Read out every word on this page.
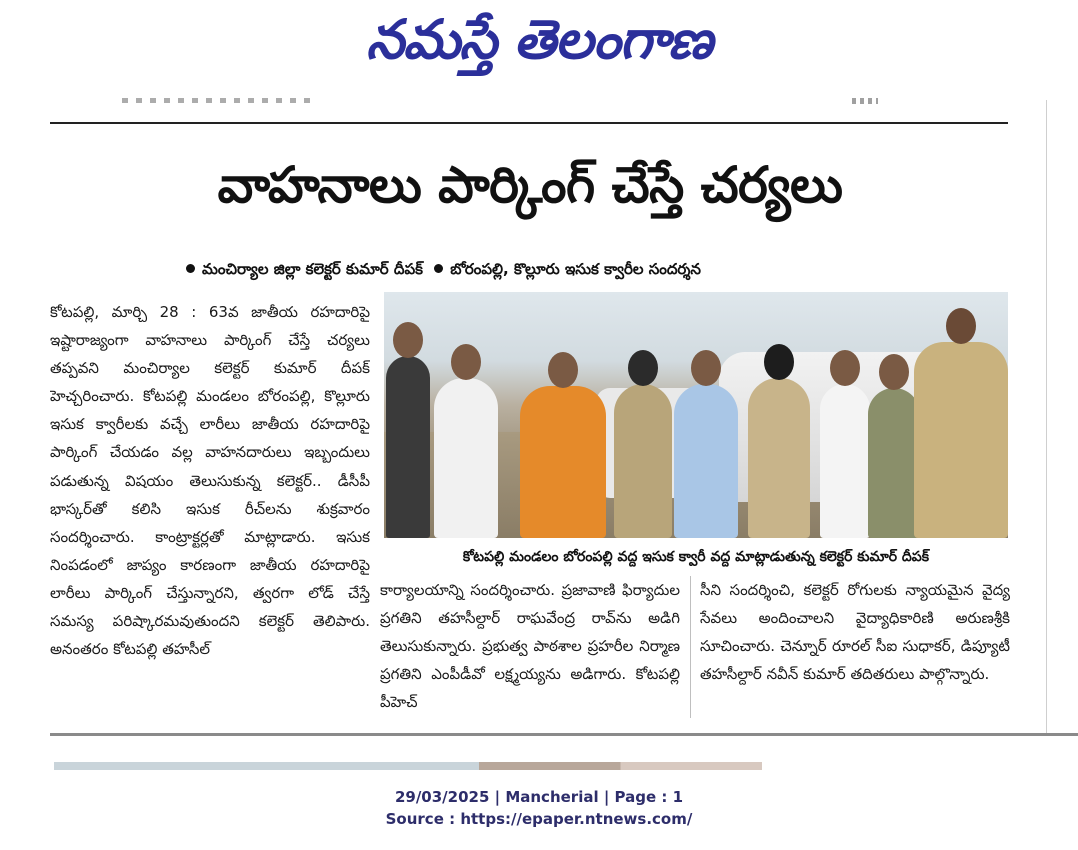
నమస్తే తెలంగాణ
వాహనాలు పార్కింగ్ చేస్తే చర్యలు
మంచిర్యాల జిల్లా కలెక్టర్ కుమార్ దీపక్ బోరంపల్లి, కొల్లూరు ఇసుక క్వారీల సందర్శన
కోటపల్లి, మార్చి 28 : 63వ జాతీయ రహదారిపై ఇష్టారాజ్యంగా వాహనాలు పార్కింగ్ చేస్తే చర్యలు తప్పవని మంచిర్యాల కలెక్టర్ కుమార్ దీపక్ హెచ్చరించారు. కోటపల్లి మండలం బోరంపల్లి, కొల్లూరు ఇసుక క్వారీలకు వచ్చే లారీలు జాతీయ రహదారిపై పార్కింగ్ చేయడం వల్ల వాహనదారులు ఇబ్బందులు పడుతున్న విషయం తెలుసుకున్న కలెక్టర్.. డీసీపీ భాస్కర్‌తో కలిసి ఇసుక రీచ్‌లను శుక్రవారం సందర్శించారు. కాంట్రాక్టర్లతో మాట్లాడారు. ఇసుక నింపడంలో జాప్యం కారణంగా జాతీయ రహదారిపై లారీలు పార్కింగ్ చేస్తున్నారని, త్వరగా లోడ్ చేస్తే సమస్య పరిష్కారమవుతుందని కలెక్టర్ తెలిపారు. అనంతరం కోటపల్లి తహసీల్
కోటపల్లి మండలం బోరంపల్లి వద్ద ఇసుక క్వారీ వద్ద మాట్లాడుతున్న కలెక్టర్ కుమార్ దీపక్
కార్యాలయాన్ని సందర్శించారు. ప్రజావాణి ఫిర్యాదుల ప్రగతిని తహసీల్దార్ రాఘవేంద్ర రావ్‌ను అడిగి తెలుసుకున్నారు. ప్రభుత్వ పాఠశాల ప్రహరీల నిర్మాణ ప్రగతిని ఎంపీడీవో లక్ష్మయ్యను అడిగారు. కోటపల్లి పీహెచ్
సీని సందర్శించి, కలెక్టర్ రోగులకు న్యాయమైన వైద్య సేవలు అందించాలని వైద్యాధికారిణి అరుణశ్రీకి సూచించారు. చెన్నూర్ రూరల్ సీఐ సుధాకర్, డిప్యూటీ తహసీల్దార్ నవీన్ కుమార్ తదితరులు పాల్గొన్నారు.
29/03/2025 | Mancherial | Page : 1
Source : https://epaper.ntnews.com/
